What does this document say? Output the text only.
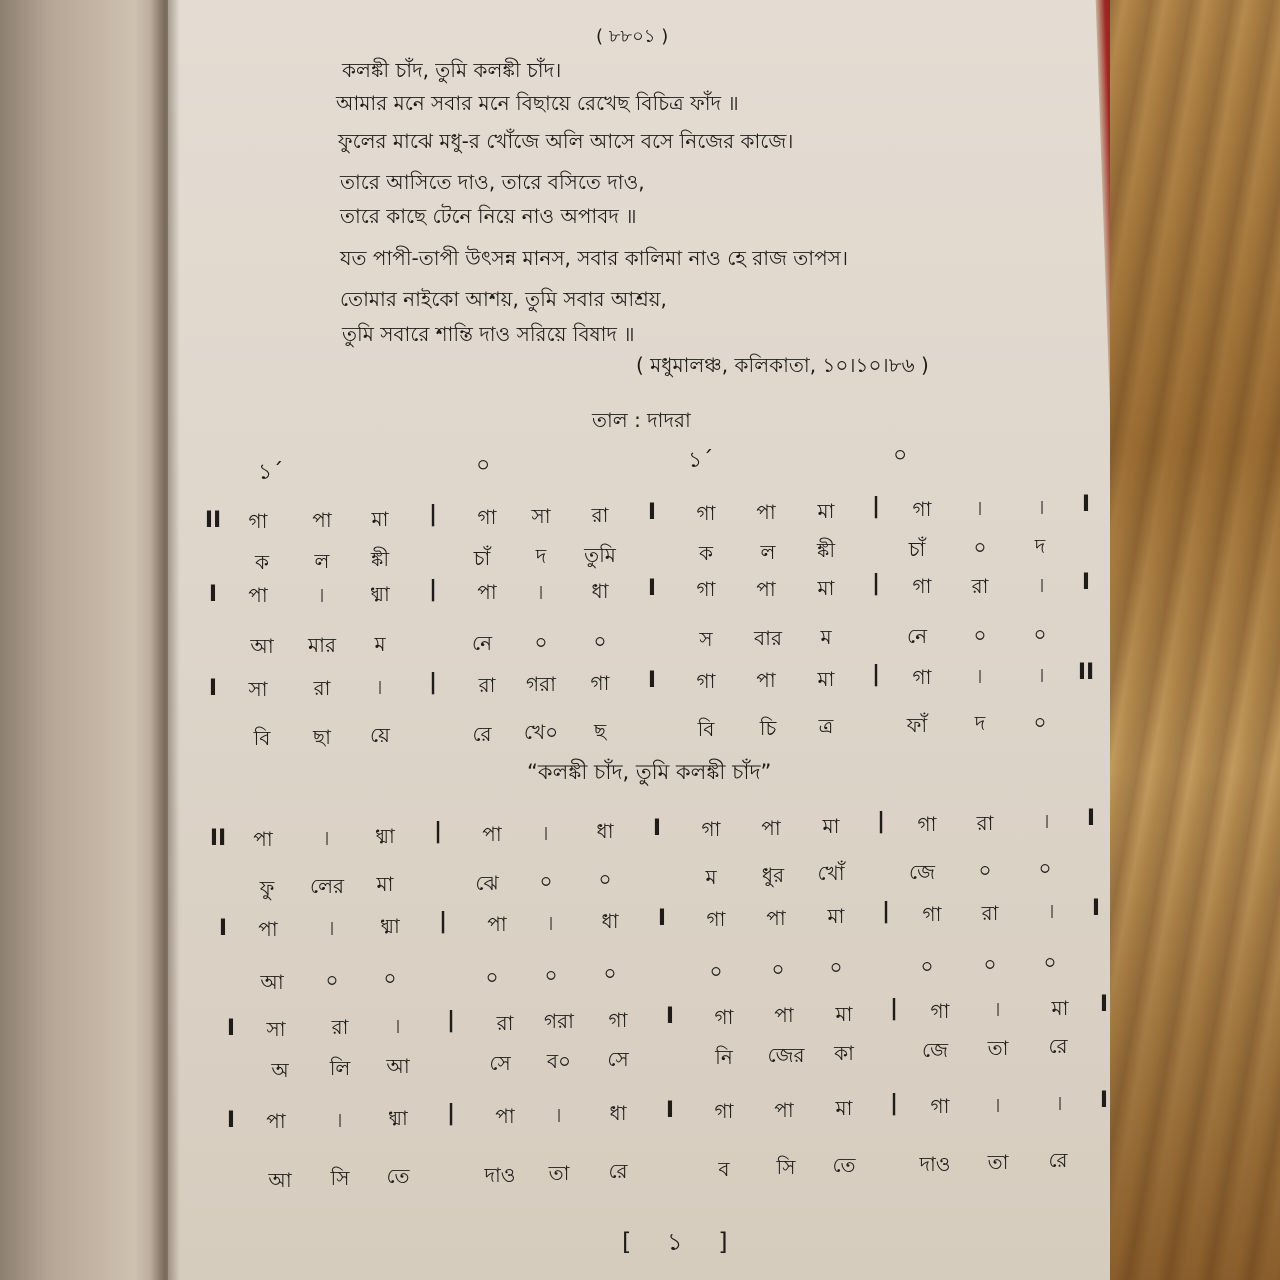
( ৮৮০১ )
কলঙ্কী চাঁদ, তুমি কলঙ্কী চাঁদ।
আমার মনে সবার মনে বিছায়ে রেখেছ বিচিত্র ফাঁদ ॥
ফুলের মাঝে মধু-র খোঁজে অলি আসে বসে নিজের কাজে।
তারে আসিতে দাও, তারে বসিতে দাও,
তারে কাছে টেনে নিয়ে নাও অপাবদ ॥
যত পাপী-তাপী উৎসন্ন মানস, সবার কালিমা নাও হে রাজ তাপস।
তোমার নাইকো আশয়, তুমি সবার আশ্রয়,
তুমি সবারে শান্তি দাও সরিয়ে বিষাদ ॥
( মধুমালঞ্চ, কলিকাতা, ১০।১০।৮৬ )
তাল : দাদরা
১´	০	১´	০
II গা পা মা | গা সা রা I গা পা মা | গা ৷	৷ I
ক ল ঙ্কী	চাঁ দ তুমি	ক ল ঙ্কী	চাঁ ০ দ
I পা	৷ ধ্মা | পা ৷ ধা I গা পা মা | গা রা	৷ I
আ মার ম	নে ০ ০	স বার ম	নে ০ ০
I সা রা ৷ | রা গরা গা I গা পা মা | গা ৷	৷ II
বি ছা য়ে	রে খে০ ছ	বি চি ত্র	ফাঁ দ ০
II পা	৷ ধ্মা | পা ৷ ধা I গা পা মা | গা রা	৷ I
ফু লের মা	ঝে ০ ০	ম ধুর খোঁ	জে ০ ০
I পা	৷ ধ্মা | পা ৷ ধা I গা পা মা | গা রা	৷ I
আ ০ ০	০ ০ ০	০ ০ ০	০ ০ ০
I সা রা ৷ | রা গরা গা I গা পা মা | গা ৷	মা I
অ লি আ	সে ব০ সে	নি জের কা	জে তা রে
I পা	৷ ধ্মা | পা ৷ ধা I গা পা মা | গা ৷	৷ I
আ সি তে	দাও তা রে	ব সি তে	দাও তা রে
“কলঙ্কী চাঁদ, তুমি কলঙ্কী চাঁদ”
[ ১ ]
